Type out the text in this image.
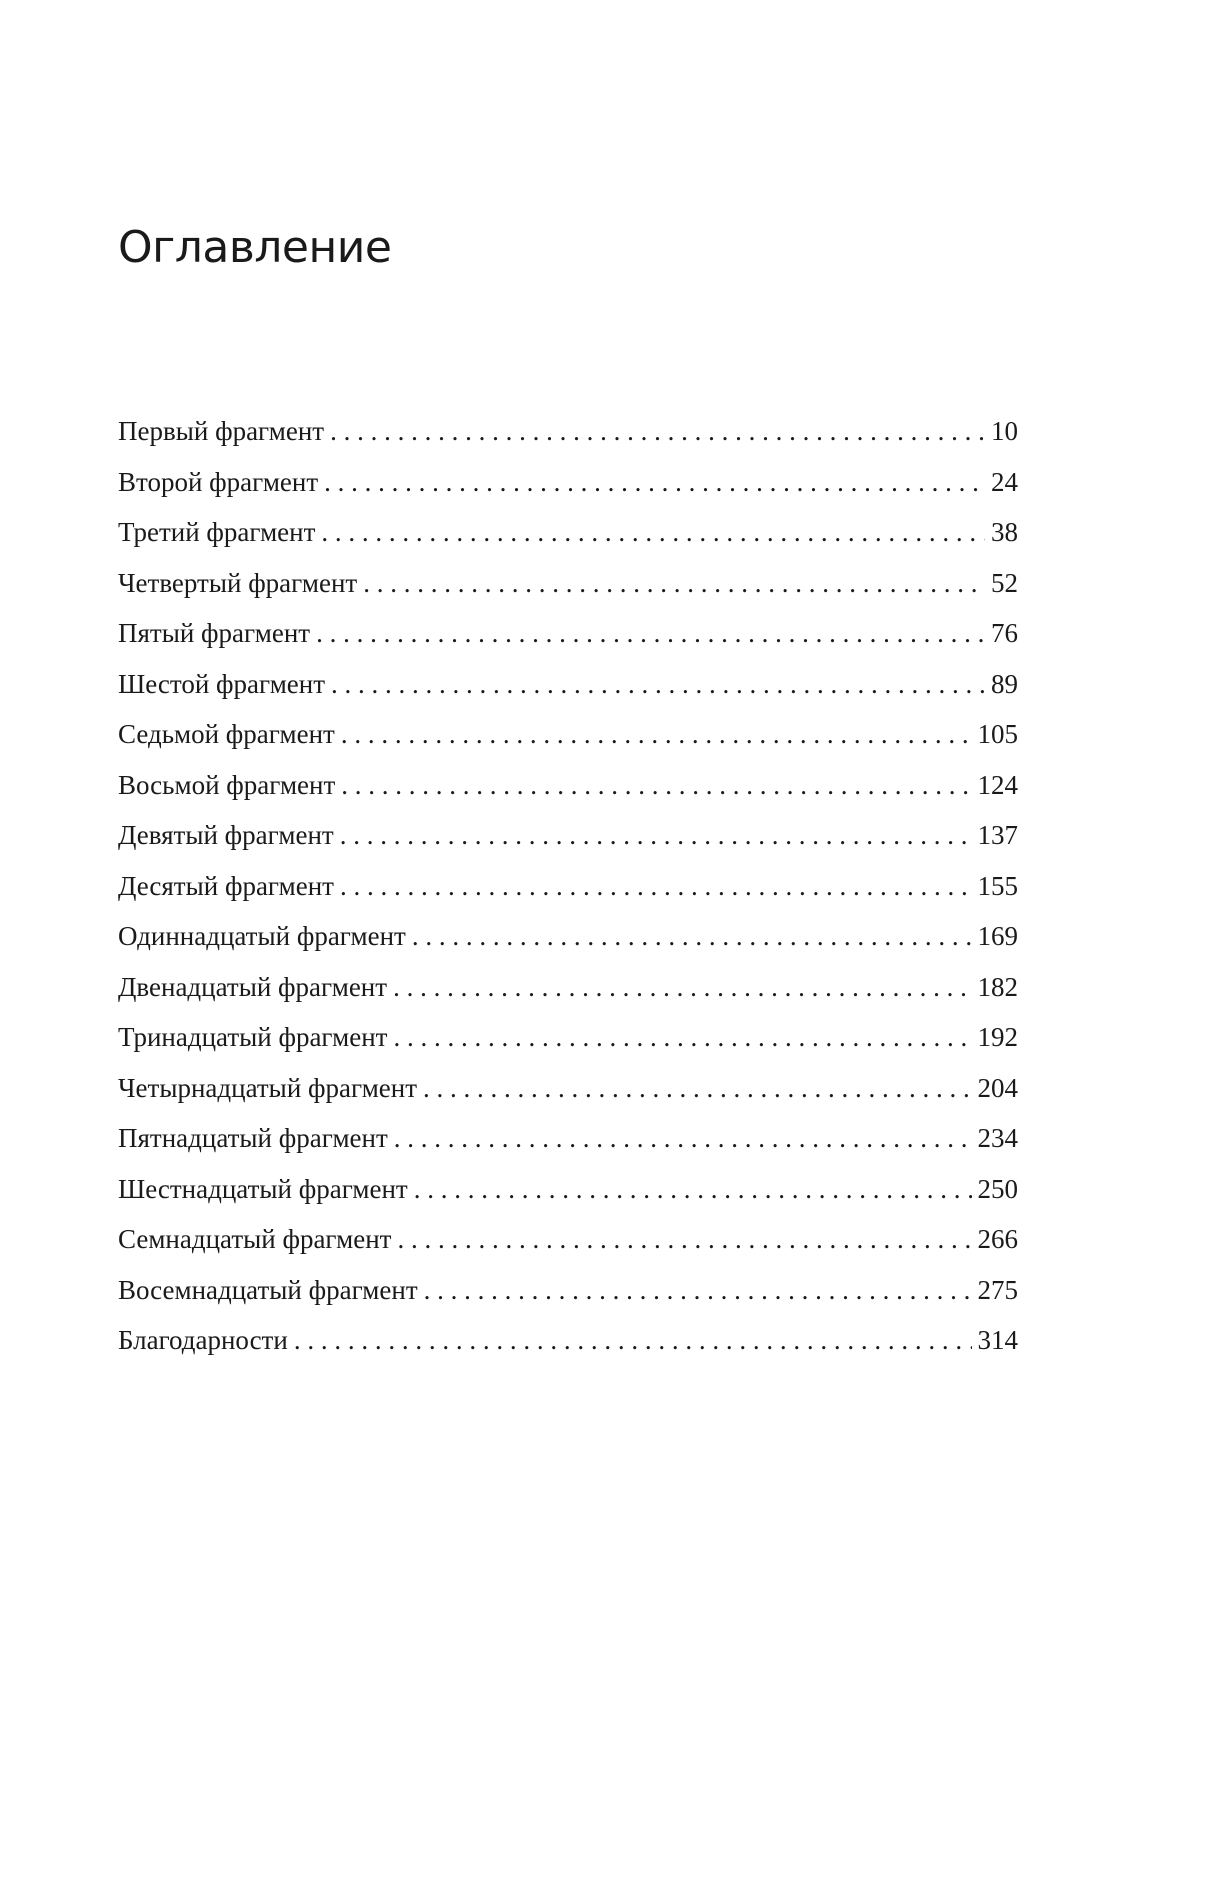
Оглавление
Первый фрагмент . . .	10
Второй фрагмент . . .	24
Третий фрагмент . . .	38
Четвертый фрагмент . . .	52
Пятый фрагмент . . .	76
Шестой фрагмент . . .	89
Седьмой фрагмент . . .	105
Восьмой фрагмент . . .	124
Девятый фрагмент . . .	137
Десятый фрагмент . . .	155
Одиннадцатый фрагмент . . .	169
Двенадцатый фрагмент . . .	182
Тринадцатый фрагмент . . .	192
Четырнадцатый фрагмент . . .	204
Пятнадцатый фрагмент . . .	234
Шестнадцатый фрагмент . . .	250
Семнадцатый фрагмент . . .	266
Восемнадцатый фрагмент . . .	275
Благодарности . . .	314
